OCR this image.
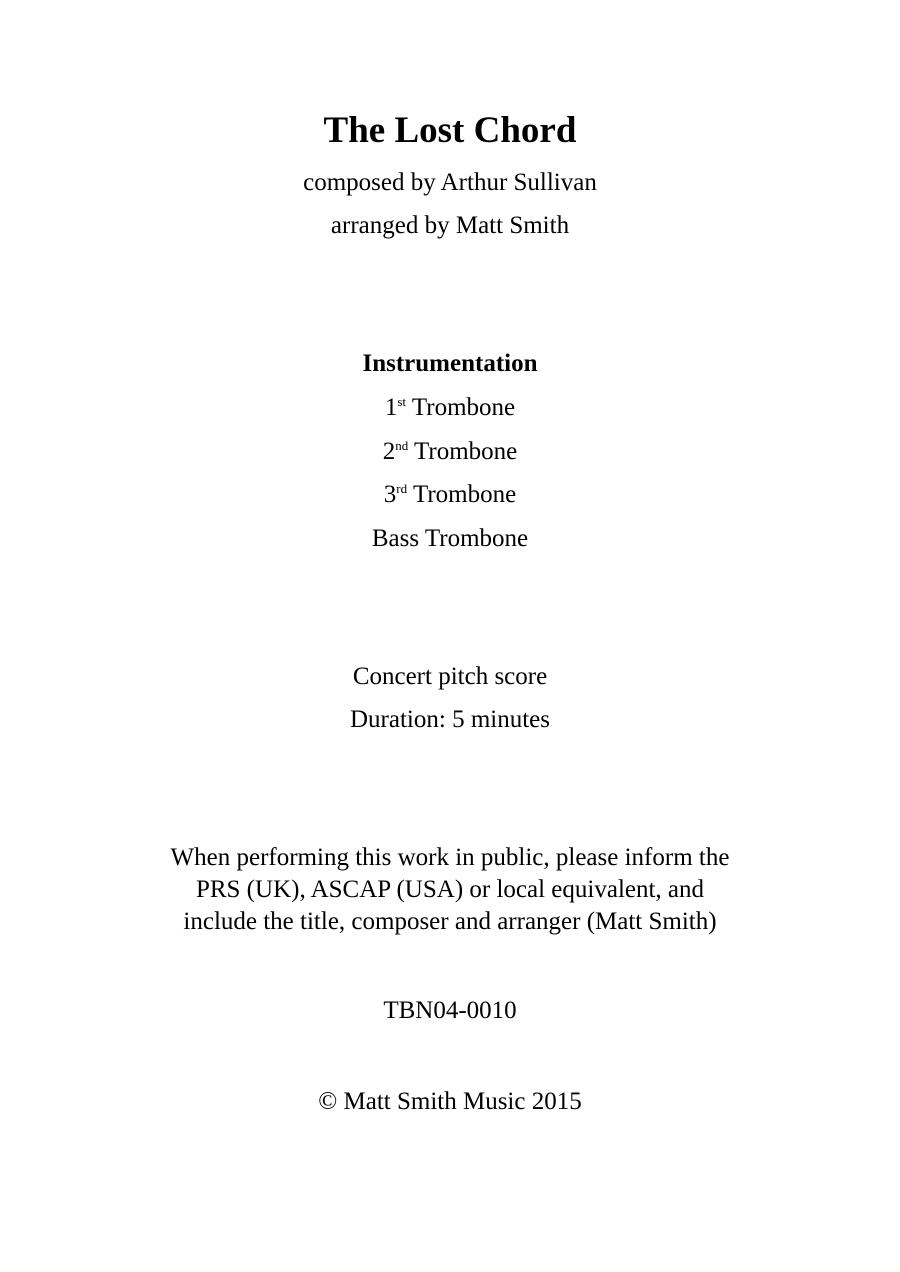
The Lost Chord
composed by Arthur Sullivan
arranged by Matt Smith
Instrumentation
1st Trombone
2nd Trombone
3rd Trombone
Bass Trombone
Concert pitch score
Duration: 5 minutes
When performing this work in public, please inform the
PRS (UK), ASCAP (USA) or local equivalent, and
include the title, composer and arranger (Matt Smith)
TBN04-0010
© Matt Smith Music 2015
